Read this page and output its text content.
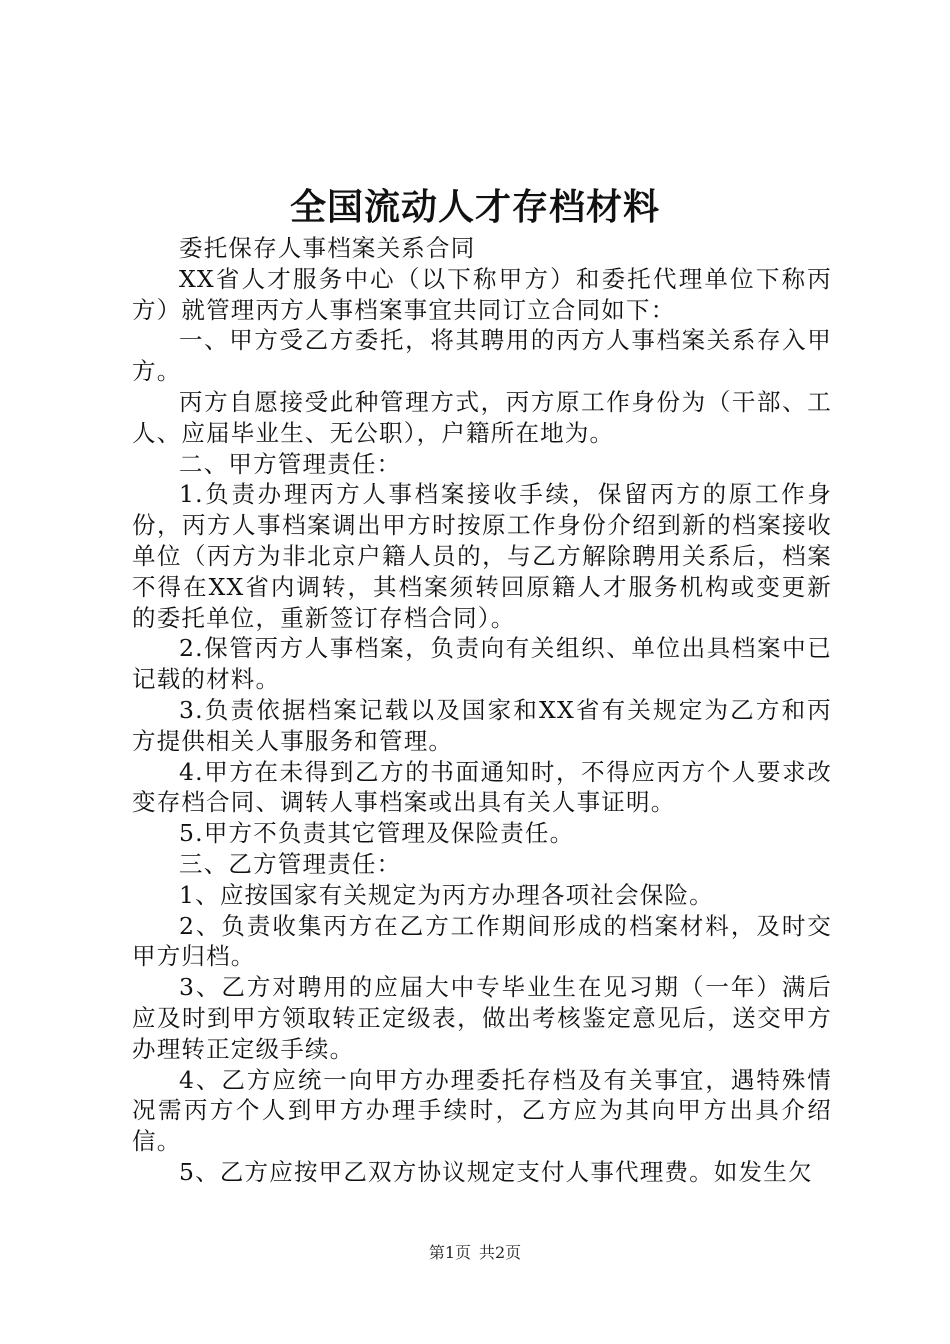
全国流动人才存档材料

委托保存人事档案关系合同

XX省人才服务中心（以下称甲方）和委托代理单位下称丙方）就管理丙方人事档案事宜共同订立合同如下：

一、甲方受乙方委托，将其聘用的丙方人事档案关系存入甲方。

丙方自愿接受此种管理方式，丙方原工作身份为（干部、工人、应届毕业生、无公职），户籍所在地为。

二、甲方管理责任：

1.负责办理丙方人事档案接收手续，保留丙方的原工作身份，丙方人事档案调出甲方时按原工作身份介绍到新的档案接收单位（丙方为非北京户籍人员的，与乙方解除聘用关系后，档案不得在XX省内调转，其档案须转回原籍人才服务机构或变更新的委托单位，重新签订存档合同）。

2.保管丙方人事档案，负责向有关组织、单位出具档案中已记载的材料。

3.负责依据档案记载以及国家和XX省有关规定为乙方和丙方提供相关人事服务和管理。

4.甲方在未得到乙方的书面通知时，不得应丙方个人要求改变存档合同、调转人事档案或出具有关人事证明。

5.甲方不负责其它管理及保险责任。

三、乙方管理责任：

1、应按国家有关规定为丙方办理各项社会保险。

2、负责收集丙方在乙方工作期间形成的档案材料，及时交甲方归档。

3、乙方对聘用的应届大中专毕业生在见习期（一年）满后应及时到甲方领取转正定级表，做出考核鉴定意见后，送交甲方办理转正定级手续。

4、乙方应统一向甲方办理委托存档及有关事宜，遇特殊情况需丙方个人到甲方办理手续时，乙方应为其向甲方出具介绍信。

5、乙方应按甲乙双方协议规定支付人事代理费。如发生欠

第1页 共2页
